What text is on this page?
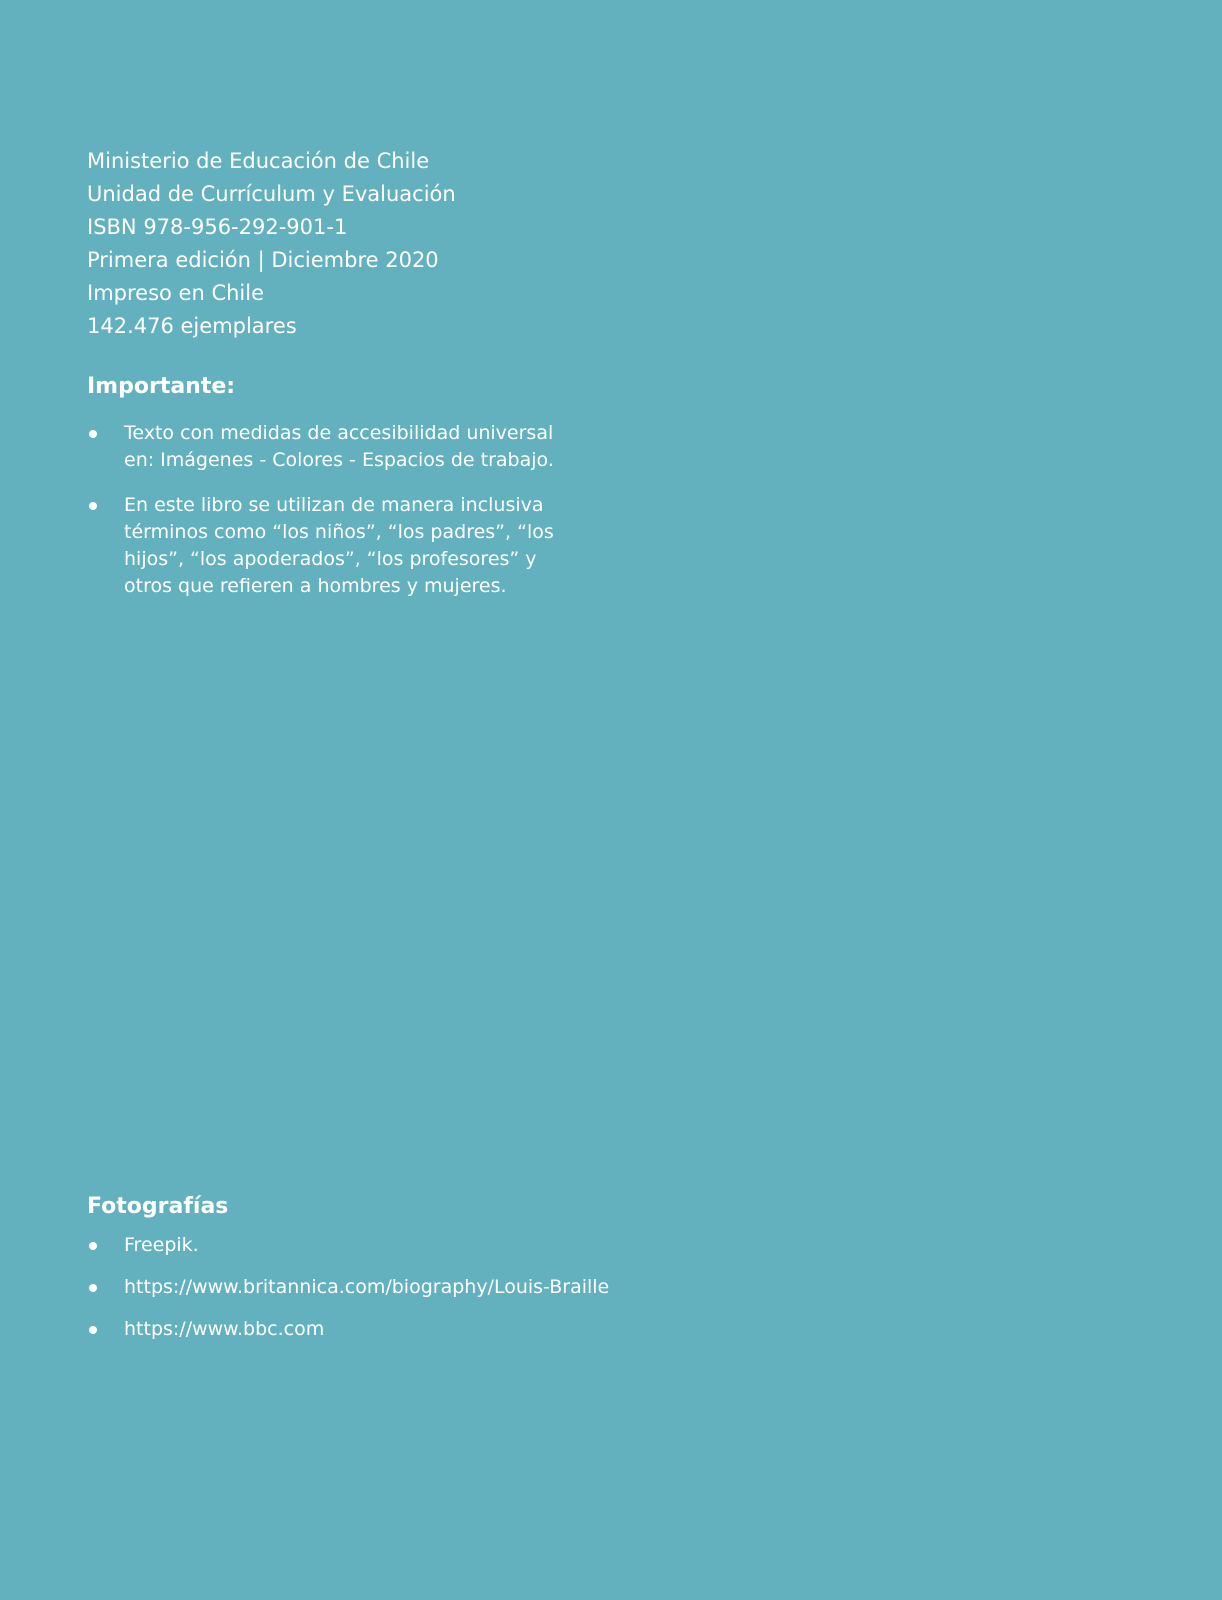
Ministerio de Educación de Chile
Unidad de Currículum y Evaluación
ISBN 978-956-292-901-1
Primera edición | Diciembre 2020
Impreso en Chile
142.476 ejemplares
Importante:
Texto con medidas de accesibilidad universal en: Imágenes - Colores - Espacios de trabajo.
En este libro se utilizan de manera inclusiva términos como “los niños”, “los padres”, “los hijos”, “los apoderados”, “los profesores” y otros que refieren a hombres y mujeres.
Fotografías
Freepik.
https://www.britannica.com/biography/Louis-Braille
https://www.bbc.com
